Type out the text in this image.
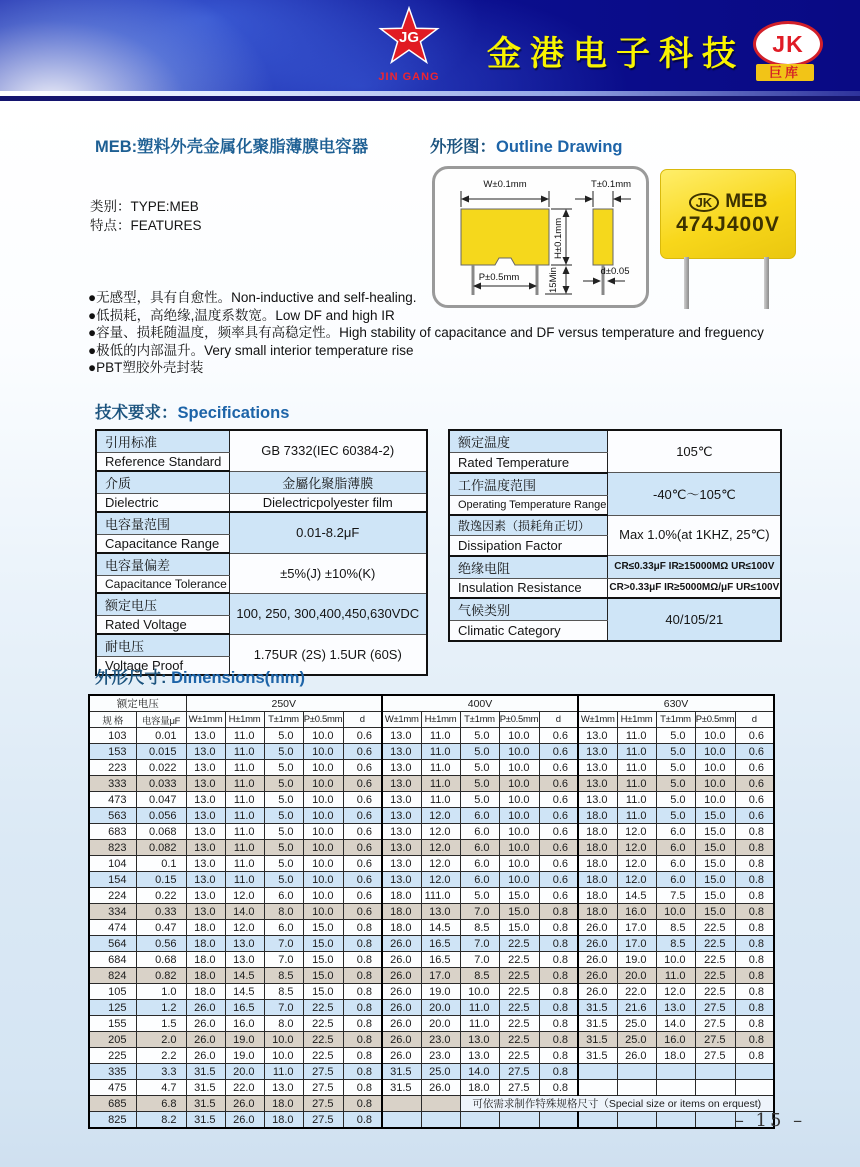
JG
JIN GANG
金港电子科技 JK
巨库
MEB:塑料外壳金属化聚脂薄膜电容器	外形图：Outline Drawing
类别：TYPE:MEB
特点：FEATURES
W±0.1mm
H±0.1mm
15Min
P±0.5mm
T±0.1mm
d±0.05
JK MEB
474J400V
●无感型，具有自愈性。Non-inductive and self-healing.
●低损耗，高绝缘,温度系数宽。Low DF and high IR
●容量、损耗随温度，频率具有高稳定性。High stability of capacitance and DF versus temperature and freguency
●极低的内部温升。Very small interior temperature rise
●PBT塑胶外壳封装
技术要求：Specifications
引用标准	GB 7332(IEC 60384-2)
Reference Standard	
介质	金屬化聚脂薄膜
Dielectric	Dielectricpolyester film
电容量范围	0.01-8.2μF
Capacitance Range	
电容量偏差	±5%(J) ±10%(K)
Capacitance Tolerance	
额定电压	100, 250, 300,400,450,630VDC
Rated Voltage	
耐电压	1.75UR (2S) 1.5UR (60S)
Voltage Proof	
额定温度	105℃
Rated Temperature	
工作温度范围	-40℃～105℃
Operating Temperature Range	
散逸因素（损耗角正切）	Max 1.0%(at 1KHZ, 25℃)
Dissipation Factor	
绝缘电阻	CR≤0.33μF IR≥15000MΩ UR≤100V
Insulation Resistance	CR>0.33μF IR≥5000MΩ/μF UR≤100V
气候类别	40/105/21
Climatic Category	
外形尺寸: Dimensions(mm)
额定电压		250V					400V					630V				
规 格	电容量μF	W±1mm	H±1mm	T±1mm	P±0.5mm	d	W±1mm	H±1mm	T±1mm	P±0.5mm	d	W±1mm	H±1mm	T±1mm	P±0.5mm	d
103	0.01	13.0	11.0	5.0	10.0	0.6	13.0	11.0	5.0	10.0	0.6	13.0	11.0	5.0	10.0	0.6
153	0.015	13.0	11.0	5.0	10.0	0.6	13.0	11.0	5.0	10.0	0.6	13.0	11.0	5.0	10.0	0.6
223	0.022	13.0	11.0	5.0	10.0	0.6	13.0	11.0	5.0	10.0	0.6	13.0	11.0	5.0	10.0	0.6
333	0.033	13.0	11.0	5.0	10.0	0.6	13.0	11.0	5.0	10.0	0.6	13.0	11.0	5.0	10.0	0.6
473	0.047	13.0	11.0	5.0	10.0	0.6	13.0	11.0	5.0	10.0	0.6	13.0	11.0	5.0	10.0	0.6
563	0.056	13.0	11.0	5.0	10.0	0.6	13.0	12.0	6.0	10.0	0.6	18.0	11.0	5.0	15.0	0.6
683	0.068	13.0	11.0	5.0	10.0	0.6	13.0	12.0	6.0	10.0	0.6	18.0	12.0	6.0	15.0	0.8
823	0.082	13.0	11.0	5.0	10.0	0.6	13.0	12.0	6.0	10.0	0.6	18.0	12.0	6.0	15.0	0.8
104	0.1	13.0	11.0	5.0	10.0	0.6	13.0	12.0	6.0	10.0	0.6	18.0	12.0	6.0	15.0	0.8
154	0.15	13.0	11.0	5.0	10.0	0.6	13.0	12.0	6.0	10.0	0.6	18.0	12.0	6.0	15.0	0.8
224	0.22	13.0	12.0	6.0	10.0	0.6	18.0	111.0	5.0	15.0	0.6	18.0	14.5	7.5	15.0	0.8
334	0.33	13.0	14.0	8.0	10.0	0.6	18.0	13.0	7.0	15.0	0.8	18.0	16.0	10.0	15.0	0.8
474	0.47	18.0	12.0	6.0	15.0	0.8	18.0	14.5	8.5	15.0	0.8	26.0	17.0	8.5	22.5	0.8
564	0.56	18.0	13.0	7.0	15.0	0.8	26.0	16.5	7.0	22.5	0.8	26.0	17.0	8.5	22.5	0.8
684	0.68	18.0	13.0	7.0	15.0	0.8	26.0	16.5	7.0	22.5	0.8	26.0	19.0	10.0	22.5	0.8
824	0.82	18.0	14.5	8.5	15.0	0.8	26.0	17.0	8.5	22.5	0.8	26.0	20.0	11.0	22.5	0.8
105	1.0	18.0	14.5	8.5	15.0	0.8	26.0	19.0	10.0	22.5	0.8	26.0	22.0	12.0	22.5	0.8
125	1.2	26.0	16.5	7.0	22.5	0.8	26.0	20.0	11.0	22.5	0.8	31.5	21.6	13.0	27.5	0.8
155	1.5	26.0	16.0	8.0	22.5	0.8	26.0	20.0	11.0	22.5	0.8	31.5	25.0	14.0	27.5	0.8
205	2.0	26.0	19.0	10.0	22.5	0.8	26.0	23.0	13.0	22.5	0.8	31.5	25.0	16.0	27.5	0.8
225	2.2	26.0	19.0	10.0	22.5	0.8	26.0	23.0	13.0	22.5	0.8	31.5	26.0	18.0	27.5	0.8
335	3.3	31.5	20.0	11.0	27.5	0.8	31.5	25.0	14.0	27.5	0.8					
475	4.7	31.5	22.0	13.0	27.5	0.8	31.5	26.0	18.0	27.5	0.8					
685	6.8	31.5	26.0	18.0	27.5	0.8			可依需求制作特殊规格尺寸（Special size or items on erquest)							
825	8.2	31.5	26.0	18.0	27.5	0.8											– 15 –
